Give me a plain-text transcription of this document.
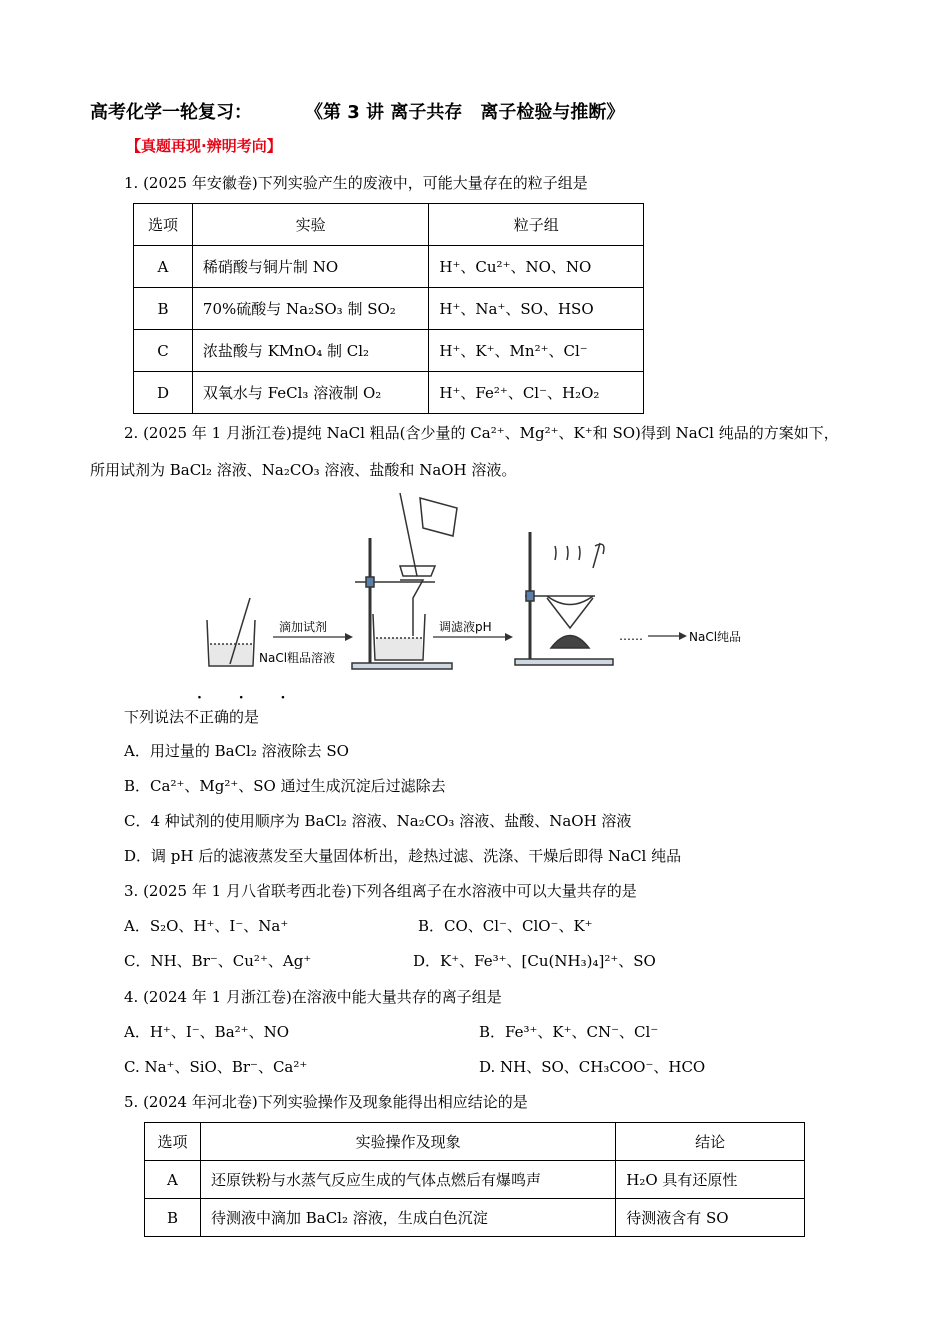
高考化学一轮复习：	《第 3 讲 离子共存　离子检验与推断》
【真题再现·辨明考向】
1. (2025 年安徽卷)下列实验产生的废液中，可能大量存在的粒子组是
选项	实验	粒子组
A	稀硝酸与铜片制 NO	H⁺、Cu²⁺、NO、NO
B	70%硫酸与 Na₂SO₃ 制 SO₂	H⁺、Na⁺、SO、HSO
C	浓盐酸与 KMnO₄ 制 Cl₂	H⁺、K⁺、Mn²⁺、Cl⁻
D	双氧水与 FeCl₃ 溶液制 O₂	H⁺、Fe²⁺、Cl⁻、H₂O₂
2. (2025 年 1 月浙江卷)提纯 NaCl 粗品(含少量的 Ca²⁺、Mg²⁺、K⁺和 SO)得到 NaCl 纯品的方案如下，
所用试剂为 BaCl₂ 溶液、Na₂CO₃ 溶液、盐酸和 NaOH 溶液。
NaCl粗品溶液
滴加试剂	调滤液pH
……	NaCl纯品
· · ·
下列说法不正确的是
A．用过量的 BaCl₂ 溶液除去 SO
B．Ca²⁺、Mg²⁺、SO 通过生成沉淀后过滤除去
C．4 种试剂的使用顺序为 BaCl₂ 溶液、Na₂CO₃ 溶液、盐酸、NaOH 溶液
D．调 pH 后的滤液蒸发至大量固体析出，趁热过滤、洗涤、干燥后即得 NaCl 纯品
3. (2025 年 1 月八省联考西北卷)下列各组离子在水溶液中可以大量共存的是
A．S₂O、H⁺、I⁻、Na⁺	B．CO、Cl⁻、ClO⁻、K⁺
C．NH、Br⁻、Cu²⁺、Ag⁺	D．K⁺、Fe³⁺、[Cu(NH₃)₄]²⁺、SO
4. (2024 年 1 月浙江卷)在溶液中能大量共存的离子组是
A．H⁺、I⁻、Ba²⁺、NO	B．Fe³⁺、K⁺、CN⁻、Cl⁻
C. Na⁺、SiO、Br⁻、Ca²⁺	D. NH、SO、CH₃COO⁻、HCO
5. (2024 年河北卷)下列实验操作及现象能得出相应结论的是
选项	实验操作及现象	结论
A	还原铁粉与水蒸气反应生成的气体点燃后有爆鸣声	H₂O 具有还原性
B	待测液中滴加 BaCl₂ 溶液，生成白色沉淀	待测液含有 SO
